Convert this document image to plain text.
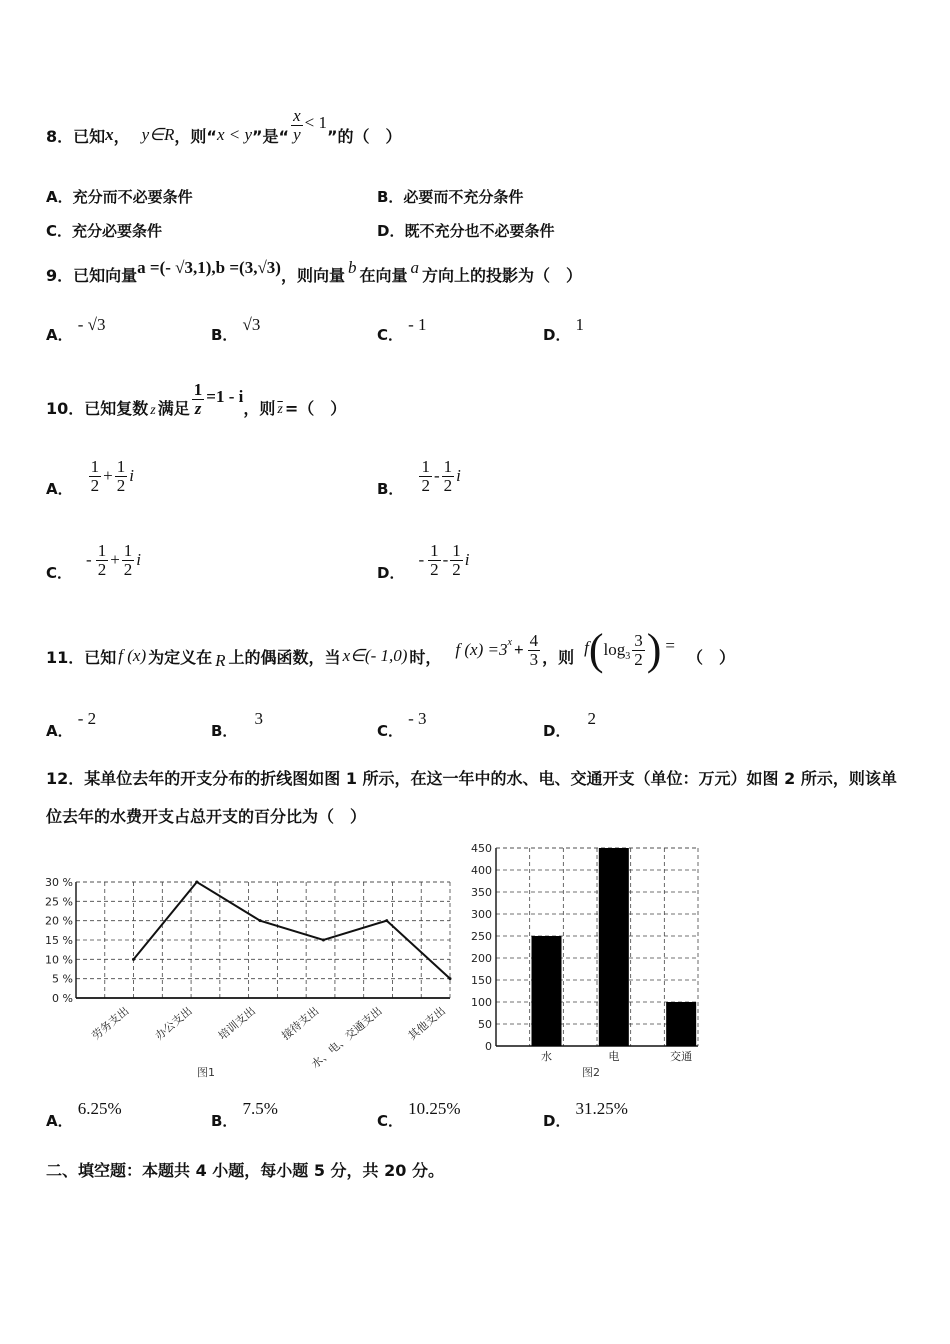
8． 已知 x ， y∈R ，则“ x < y ”是“ $\frac{x}{y} < 1$
”的（　）
A．充分而不必要条件	B．必要而不充分条件
C．充分必要条件	D．既不充分也不必要条件
9． 已知向量 a =(- √3,1),b =(3,√3) ，则向量 b 在向量 a 方向上的投影为（　）
A． - √3
B． √3
C． - 1
D． 1
10． 已知复数 z 满足 $\frac{1}{z} =1 - i$
，则 $\overline{z}$ =（　）
A． $\frac{1}{2} + \frac{1}{2}$ i
B． $\frac{1}{2} - \frac{1}{2}$ i
C．
- $\frac{1}{2} + \frac{1}{2}$ i
D．
- $\frac{1}{2} - \frac{1}{2}$ i
11． 已知 f (x) 为定义在 R 上的偶函数，当 x∈(- 1,0) 时， f (x) =3 $x + \frac{4}{3}$ ，则 f ( $\log 3 \frac{3}{2}$ ) =
（　）
A． - 2
B． 3
C． - 3
D． 2
12．某单位去年的开支分布的折线图如图 1 所示，在这一年中的水、电、交通开支（单位：万元）如图 2 所示，则该单
位去年的水费开支占总开支的百分比为（　）
0 %
5 %
10 %
15 %
20 %
25 %
30 %
劳务支出 办公支出 培训支出 接待支出
水、电、交通支出 其他支出
图1
0
50
100
150
200
250
300
350
400
450
水	电	交通
图2
A． 6.25%
B． 7.5%
C． 10.25%
D． 31.25%
二、填空题：本题共 4 小题，每小题 5 分，共 20 分。
